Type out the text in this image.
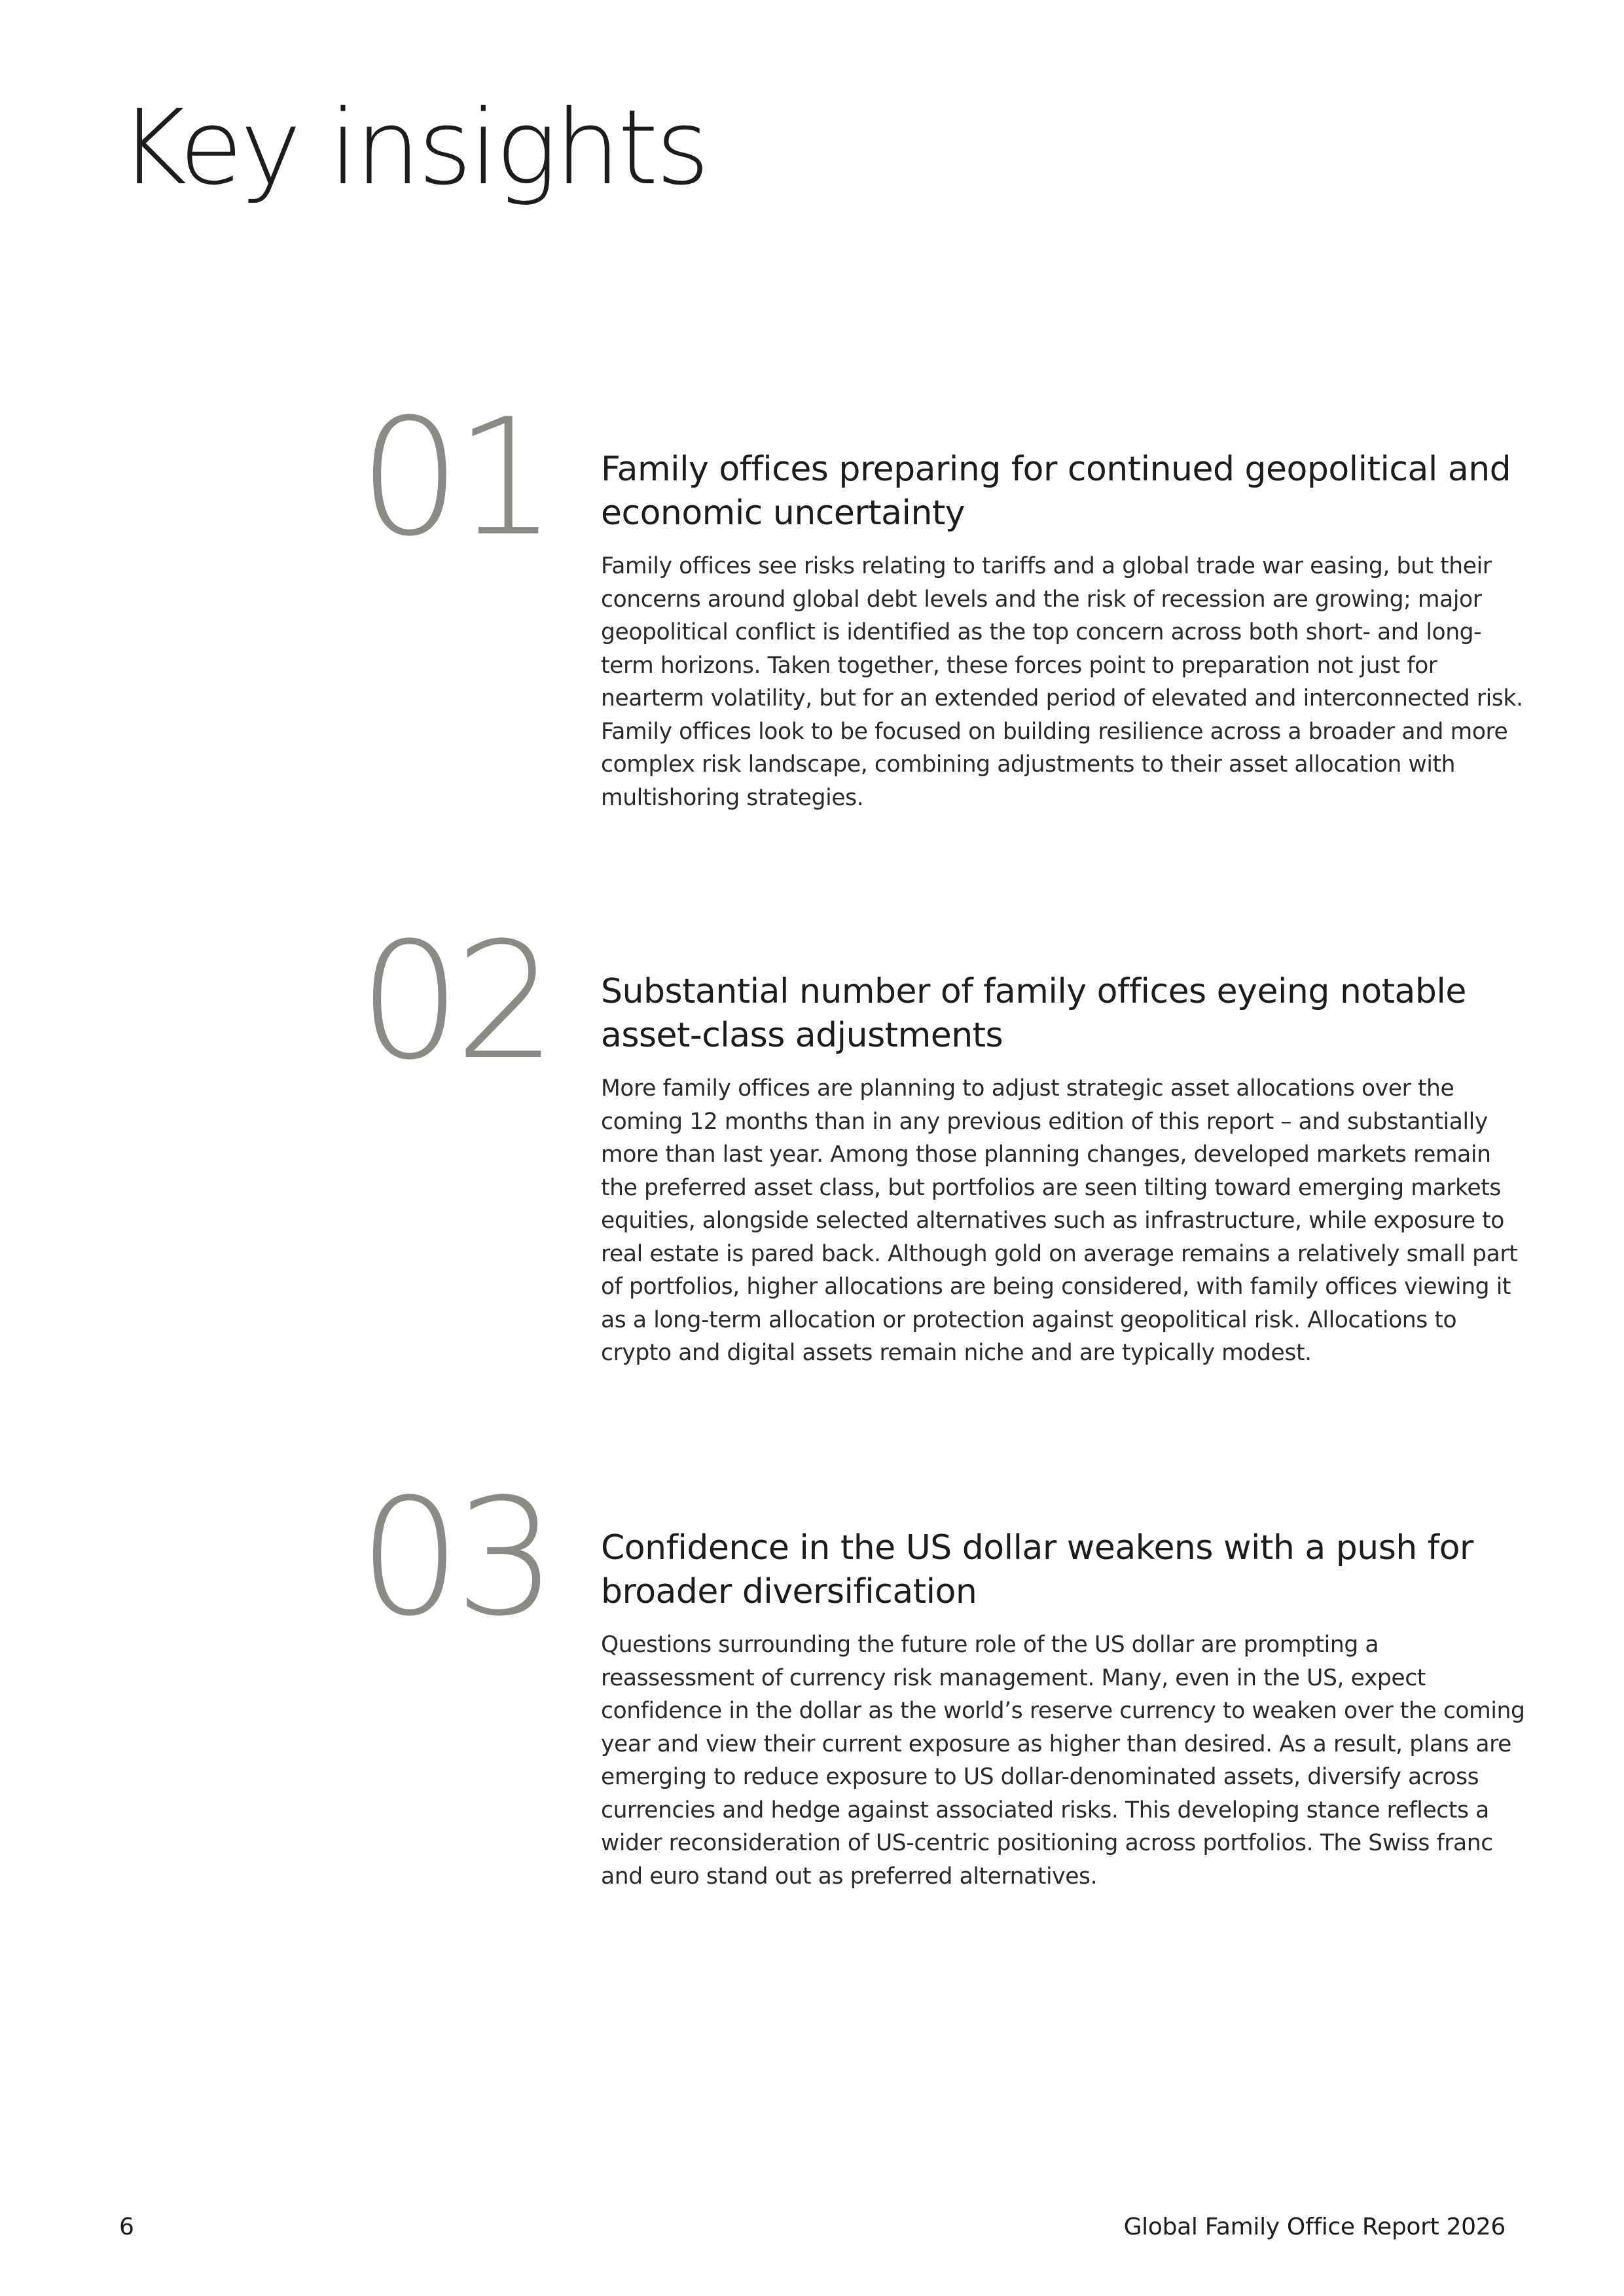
Key insights
01 Family offices preparing for continued geopolitical and economic uncertainty

Family offices see risks relating to tariffs and a global trade war easing, but their concerns around global debt levels and the risk of recession are growing; major geopolitical conflict is identified as the top concern across both short- and long-term horizons. Taken together, these forces point to preparation not just for nearterm volatility, but for an extended period of elevated and interconnected risk. Family offices look to be focused on building resilience across a broader and more complex risk landscape, combining adjustments to their asset allocation with multishoring strategies.

02 Substantial number of family offices eyeing notable asset-class adjustments

More family offices are planning to adjust strategic asset allocations over the coming 12 months than in any previous edition of this report – and substantially more than last year. Among those planning changes, developed markets remain the preferred asset class, but portfolios are seen tilting toward emerging markets equities, alongside selected alternatives such as infrastructure, while exposure to real estate is pared back. Although gold on average remains a relatively small part of portfolios, higher allocations are being considered, with family offices viewing it as a long-term allocation or protection against geopolitical risk. Allocations to crypto and digital assets remain niche and are typically modest.

03 Confidence in the US dollar weakens with a push for broader diversification

Questions surrounding the future role of the US dollar are prompting a reassessment of currency risk management. Many, even in the US, expect confidence in the dollar as the world’s reserve currency to weaken over the coming year and view their current exposure as higher than desired. As a result, plans are emerging to reduce exposure to US dollar-denominated assets, diversify across currencies and hedge against associated risks. This developing stance reflects a wider reconsideration of US-centric positioning across portfolios. The Swiss franc and euro stand out as preferred alternatives.

6	Global Family Office Report 2026
